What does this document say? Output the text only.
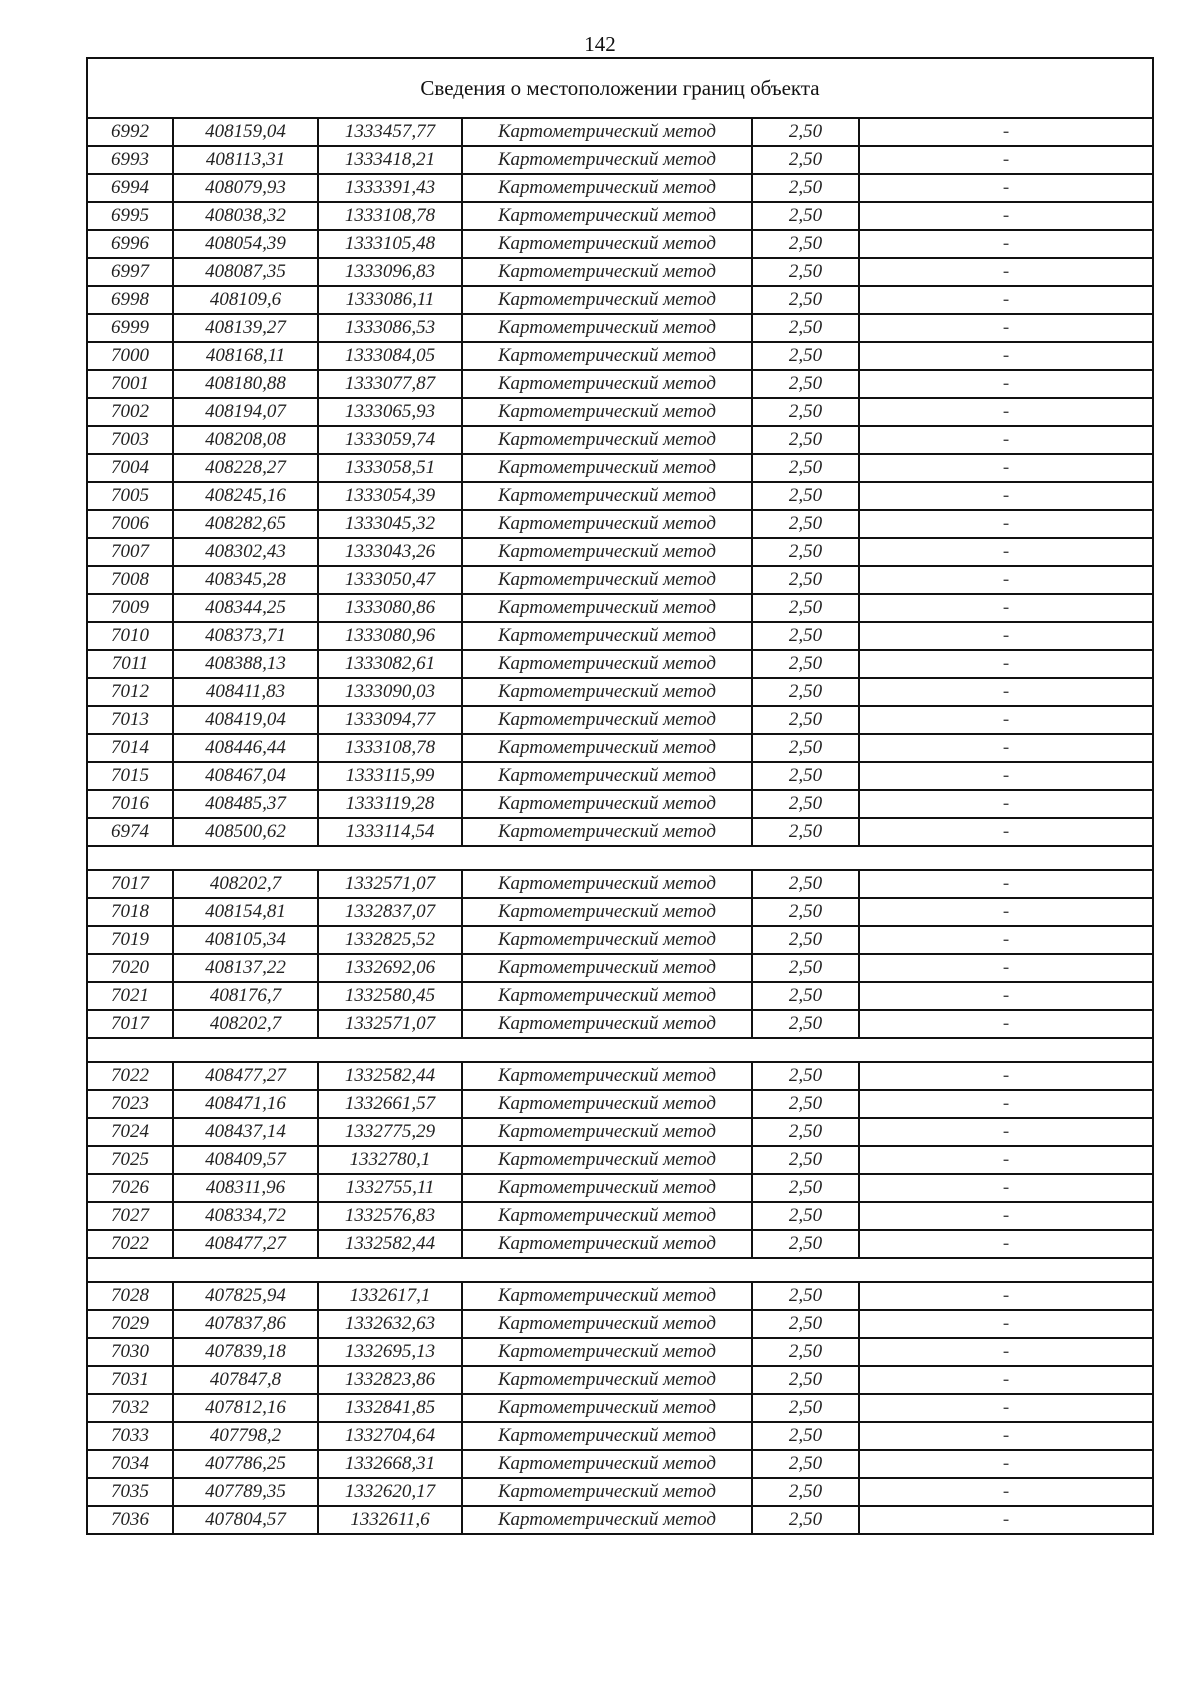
142
Сведения о местоположении границ объекта					
6992	408159,04	1333457,77	Картометрический метод	2,50	-
6993	408113,31	1333418,21	Картометрический метод	2,50	-
6994	408079,93	1333391,43	Картометрический метод	2,50	-
6995	408038,32	1333108,78	Картометрический метод	2,50	-
6996	408054,39	1333105,48	Картометрический метод	2,50	-
6997	408087,35	1333096,83	Картометрический метод	2,50	-
6998	408109,6	1333086,11	Картометрический метод	2,50	-
6999	408139,27	1333086,53	Картометрический метод	2,50	-
7000	408168,11	1333084,05	Картометрический метод	2,50	-
7001	408180,88	1333077,87	Картометрический метод	2,50	-
7002	408194,07	1333065,93	Картометрический метод	2,50	-
7003	408208,08	1333059,74	Картометрический метод	2,50	-
7004	408228,27	1333058,51	Картометрический метод	2,50	-
7005	408245,16	1333054,39	Картометрический метод	2,50	-
7006	408282,65	1333045,32	Картометрический метод	2,50	-
7007	408302,43	1333043,26	Картометрический метод	2,50	-
7008	408345,28	1333050,47	Картометрический метод	2,50	-
7009	408344,25	1333080,86	Картометрический метод	2,50	-
7010	408373,71	1333080,96	Картометрический метод	2,50	-
7011	408388,13	1333082,61	Картометрический метод	2,50	-
7012	408411,83	1333090,03	Картометрический метод	2,50	-
7013	408419,04	1333094,77	Картометрический метод	2,50	-
7014	408446,44	1333108,78	Картометрический метод	2,50	-
7015	408467,04	1333115,99	Картометрический метод	2,50	-
7016	408485,37	1333119,28	Картометрический метод	2,50	-
6974	408500,62	1333114,54	Картометрический метод	2,50	-

7017	408202,7	1332571,07	Картометрический метод	2,50	-
7018	408154,81	1332837,07	Картометрический метод	2,50	-
7019	408105,34	1332825,52	Картометрический метод	2,50	-
7020	408137,22	1332692,06	Картометрический метод	2,50	-
7021	408176,7	1332580,45	Картометрический метод	2,50	-
7017	408202,7	1332571,07	Картометрический метод	2,50	-

7022	408477,27	1332582,44	Картометрический метод	2,50	-
7023	408471,16	1332661,57	Картометрический метод	2,50	-
7024	408437,14	1332775,29	Картометрический метод	2,50	-
7025	408409,57	1332780,1	Картометрический метод	2,50	-
7026	408311,96	1332755,11	Картометрический метод	2,50	-
7027	408334,72	1332576,83	Картометрический метод	2,50	-
7022	408477,27	1332582,44	Картометрический метод	2,50	-

7028	407825,94	1332617,1	Картометрический метод	2,50	-
7029	407837,86	1332632,63	Картометрический метод	2,50	-
7030	407839,18	1332695,13	Картометрический метод	2,50	-
7031	407847,8	1332823,86	Картометрический метод	2,50	-
7032	407812,16	1332841,85	Картометрический метод	2,50	-
7033	407798,2	1332704,64	Картометрический метод	2,50	-
7034	407786,25	1332668,31	Картометрический метод	2,50	-
7035	407789,35	1332620,17	Картометрический метод	2,50	-
7036	407804,57	1332611,6	Картометрический метод	2,50	-
